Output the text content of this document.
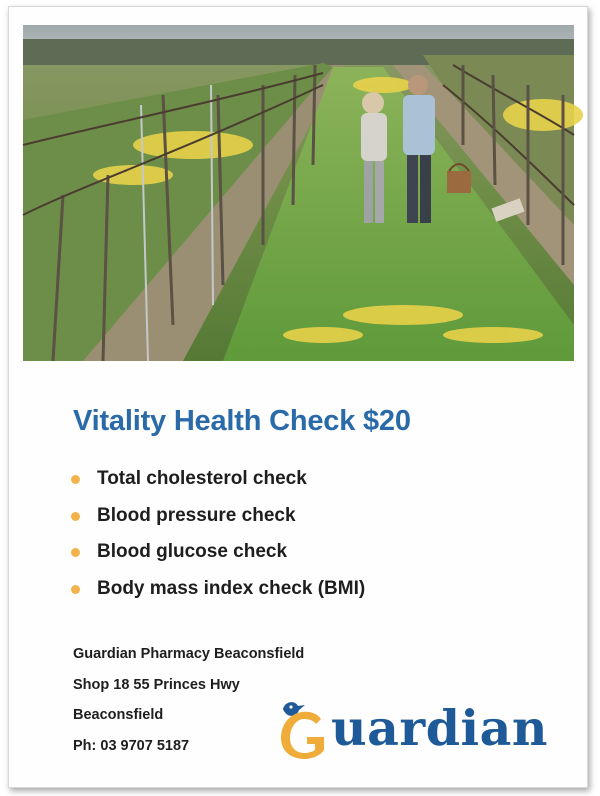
Vitality Health Check $20
Total cholesterol check
Blood pressure check
Blood glucose check
Body mass index check (BMI)
Guardian Pharmacy Beaconsfield
Shop 18 55 Princes Hwy
Beaconsfield
Ph: 03 9707 5187
G
uardian
